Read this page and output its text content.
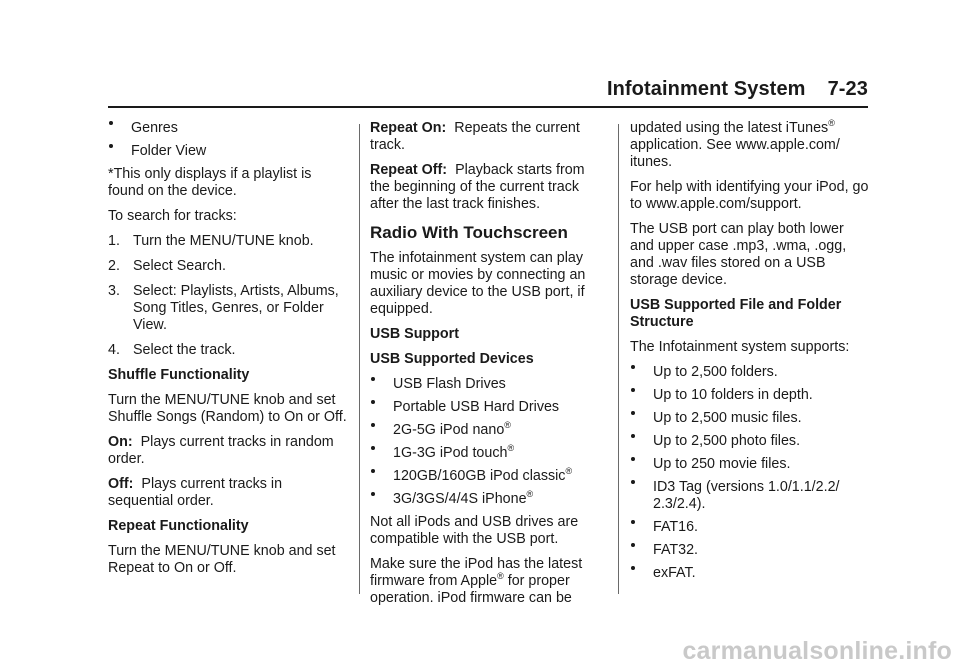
Infotainment System 7-23
Genres
Folder View

*This only displays if a playlist is found on the device.

To search for tracks:

1. Turn the MENU/TUNE knob.
2. Select Search.
3. Select: Playlists, Artists, Albums, Song Titles, Genres, or Folder View.
4. Select the track.

Shuffle Functionality

Turn the MENU/TUNE knob and set Shuffle Songs (Random) to On or Off.

On: Plays current tracks in random order.

Off: Plays current tracks in sequential order.

Repeat Functionality

Turn the MENU/TUNE knob and set Repeat to On or Off.

Repeat On: Repeats the current track.

Repeat Off: Playback starts from the beginning of the current track after the last track finishes.

Radio With Touchscreen

The infotainment system can play music or movies by connecting an auxiliary device to the USB port, if equipped.

USB Support

USB Supported Devices

USB Flash Drives
Portable USB Hard Drives
2G-5G iPod nano®
1G-3G iPod touch®
120GB/160GB iPod classic®
3G/3GS/4/4S iPhone®

Not all iPods and USB drives are compatible with the USB port.

Make sure the iPod has the latest firmware from Apple® for proper operation. iPod firmware can be

updated using the latest iTunes® application. See www.apple.com/ itunes.

For help with identifying your iPod, go to www.apple.com/support.

The USB port can play both lower and upper case .mp3, .wma, .ogg, and .wav files stored on a USB storage device.

USB Supported File and Folder Structure

The Infotainment system supports:

Up to 2,500 folders.
Up to 10 folders in depth.
Up to 2,500 music files.
Up to 2,500 photo files.
Up to 250 movie files.
ID3 Tag (versions 1.0/1.1/2.2/ 2.3/2.4).
FAT16.
FAT32.
exFAT.
carmanualsonline.info
